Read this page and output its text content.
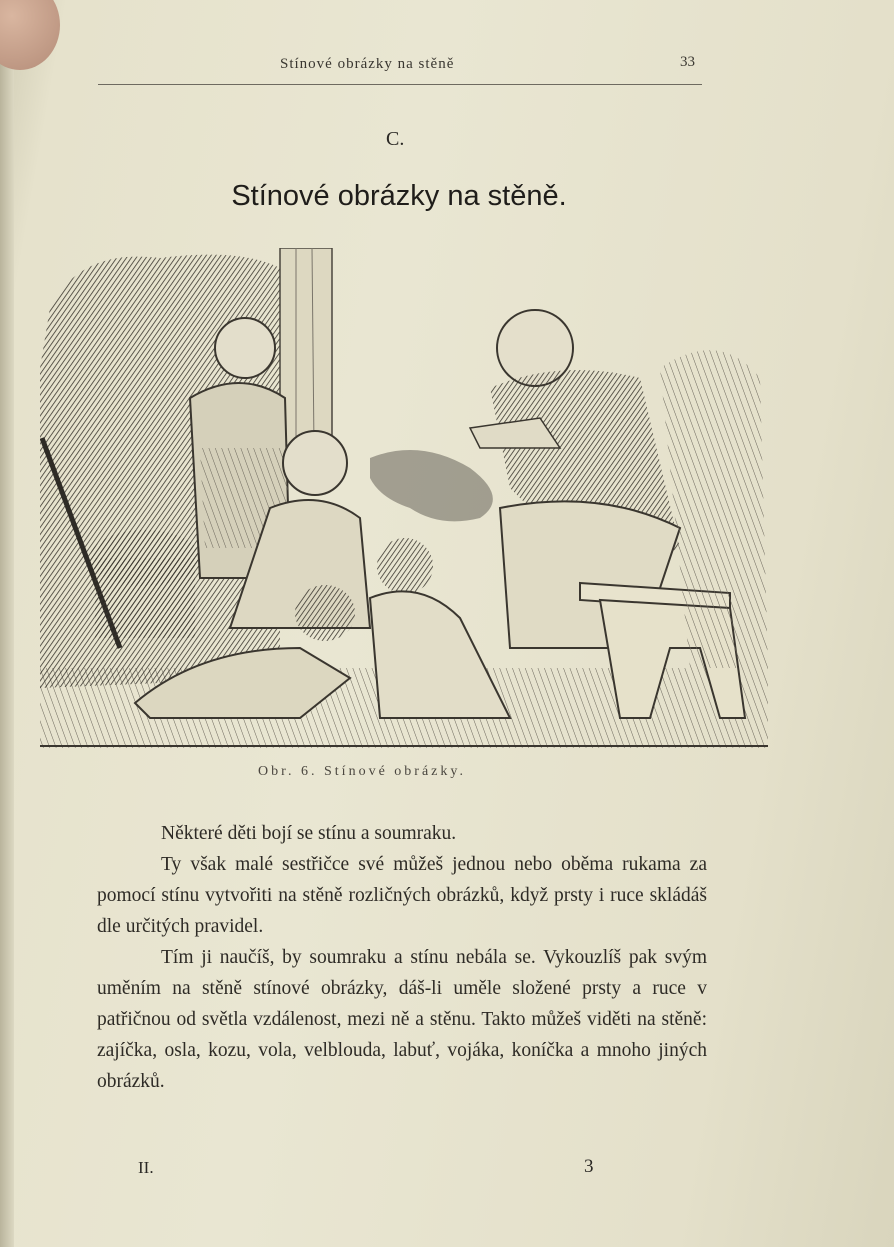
Stínové obrázky na stěně	33
C.
Stínové obrázky na stěně.
Obr. 6. Stínové obrázky.

Některé děti bojí se stínu a soumraku.

Ty však malé sestřičce své můžeš jednou nebo oběma rukama za pomocí stínu vytvořiti na stěně rozličných obrázků, když prsty i ruce skládáš dle určitých pravidel.

Tím ji naučíš, by soumraku a stínu nebála se. Vykouzlíš pak svým uměním na stěně stínové obrázky, dáš-li uměle složené prsty a ruce v patřičnou od světla vzdálenost, mezi ně a stěnu. Takto můžeš viděti na stěně: zajíčka, osla, kozu, vola, velblouda, labuť, vojáka, koníčka a mnoho jiných obrázků.

II.	3
